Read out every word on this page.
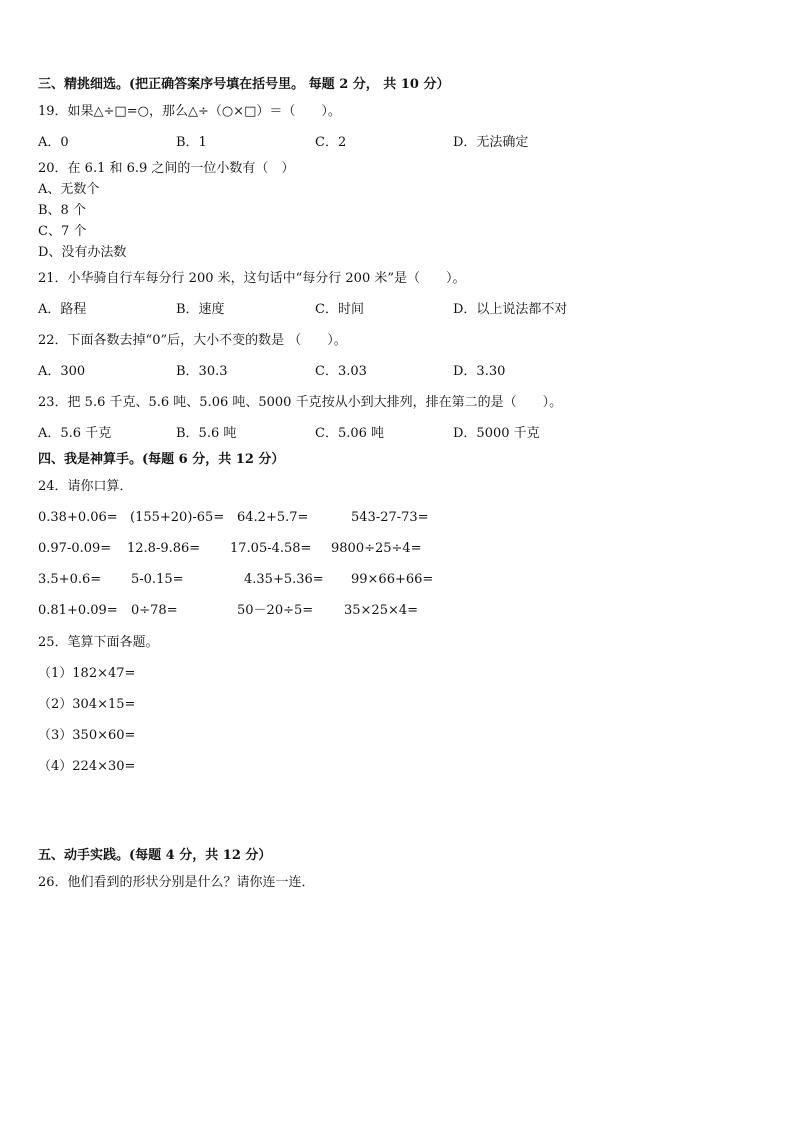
三、精挑细选。(把正确答案序号填在括号里。 每题 2 分， 共 10 分）
19．如果△÷□=○，那么△÷（○×□）＝（　　）。
A．0	B．1	C．2	D．无法确定
20．在 6.1 和 6.9 之间的一位小数有（　）
A、无数个
B、8 个
C、7 个
D、没有办法数
21．小华骑自行车每分行 200 米，这句话中“每分行 200 米”是（　　）。
A．路程	B．速度	C．时间	D．以上说法都不对
22．下面各数去掉“0”后，大小不变的数是 （　　）。
A．300	B．30.3	C．3.03	D．3.30
23．把 5.6 千克、5.6 吨、5.06 吨、5000 千克按从小到大排列，排在第二的是（　　）。
A．5.6 千克	B．5.6 吨	C．5.06 吨	D．5000 千克
四、我是神算手。(每题 6 分，共 12 分）
24．请你口算．
0.38+0.06= (155+20)-65= 64.2+5.7=	543-27-73=
0.97-0.09= 12.8-9.86= 17.05-4.58= 9800÷25÷4=
3.5+0.6= 5-0.15=	4.35+5.36= 99×66+66=
0.81+0.09= 0÷78=	50－20÷5= 35×25×4=
25．笔算下面各题。
（1）182×47=
（2）304×15=
（3）350×60=
（4）224×30=
五、动手实践。(每题 4 分，共 12 分）
26．他们看到的形状分别是什么？请你连一连．
